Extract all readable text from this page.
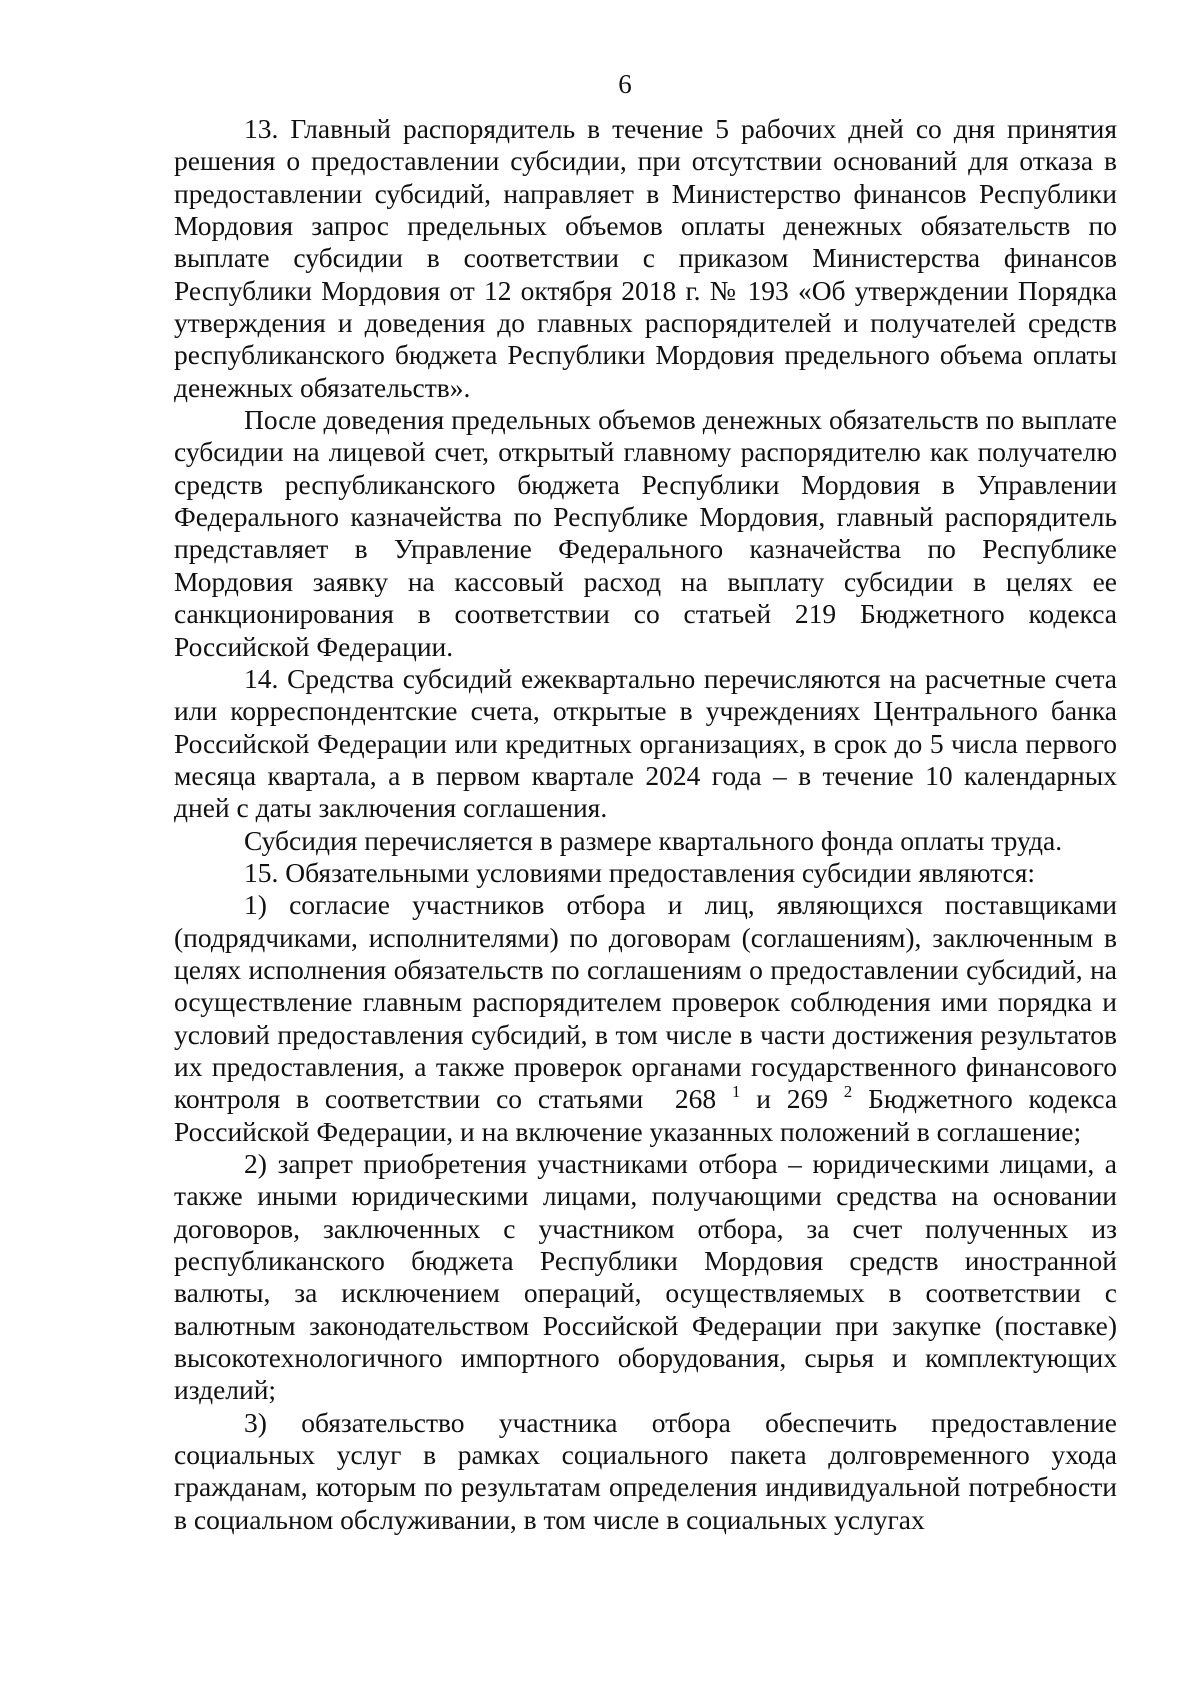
6

13. Главный распорядитель в течение 5 рабочих дней со дня принятия решения о предоставлении субсидии, при отсутствии оснований для отказа в предоставлении субсидий, направляет в Министерство финансов Республики Мордовия запрос предельных объемов оплаты денежных обязательств по выплате субсидии в соответствии с приказом Министерства финансов Республики Мордовия от 12 октября 2018 г. № 193 «Об утверждении Порядка утверждения и доведения до главных распорядителей и получателей средств республиканского бюджета Республики Мордовия предельного объема оплаты денежных обязательств».

После доведения предельных объемов денежных обязательств по выплате субсидии на лицевой счет, открытый главному распорядителю как получателю средств республиканского бюджета Республики Мордовия в Управлении Федерального казначейства по Республике Мордовия, главный распорядитель представляет в Управление Федерального казначейства по Республике Мордовия заявку на кассовый расход на выплату субсидии в целях ее санкционирования в соответствии со статьей 219 Бюджетного кодекса Российской Федерации.

14. Средства субсидий ежеквартально перечисляются на расчетные счета или корреспондентские счета, открытые в учреждениях Центрального банка Российской Федерации или кредитных организациях, в срок до 5 числа первого месяца квартала, а в первом квартале 2024 года – в течение 10 календарных дней с даты заключения соглашения.

Субсидия перечисляется в размере квартального фонда оплаты труда.

15. Обязательными условиями предоставления субсидии являются:

1) согласие участников отбора и лиц, являющихся поставщиками (подрядчиками, исполнителями) по договорам (соглашениям), заключенным в целях исполнения обязательств по соглашениям о предоставлении субсидий, на осуществление главным распорядителем проверок соблюдения ими порядка и условий предоставления субсидий, в том числе в части достижения результатов их предоставления, а также проверок органами государственного финансового контроля в соответствии со статьями 268 $^1$ и 269 $^2$ Бюджетного кодекса Российской Федерации, и на включение указанных положений в соглашение;

2) запрет приобретения участниками отбора – юридическими лицами, а также иными юридическими лицами, получающими средства на основании договоров, заключенных с участником отбора, за счет полученных из республиканского бюджета Республики Мордовия средств иностранной валюты, за исключением операций, осуществляемых в соответствии с валютным законодательством Российской Федерации при закупке (поставке) высокотехнологичного импортного оборудования, сырья и комплектующих изделий;

3) обязательство участника отбора обеспечить предоставление социальных услуг в рамках социального пакета долговременного ухода гражданам, которым по результатам определения индивидуальной потребности в социальном обслуживании, в том числе в социальных услугах
